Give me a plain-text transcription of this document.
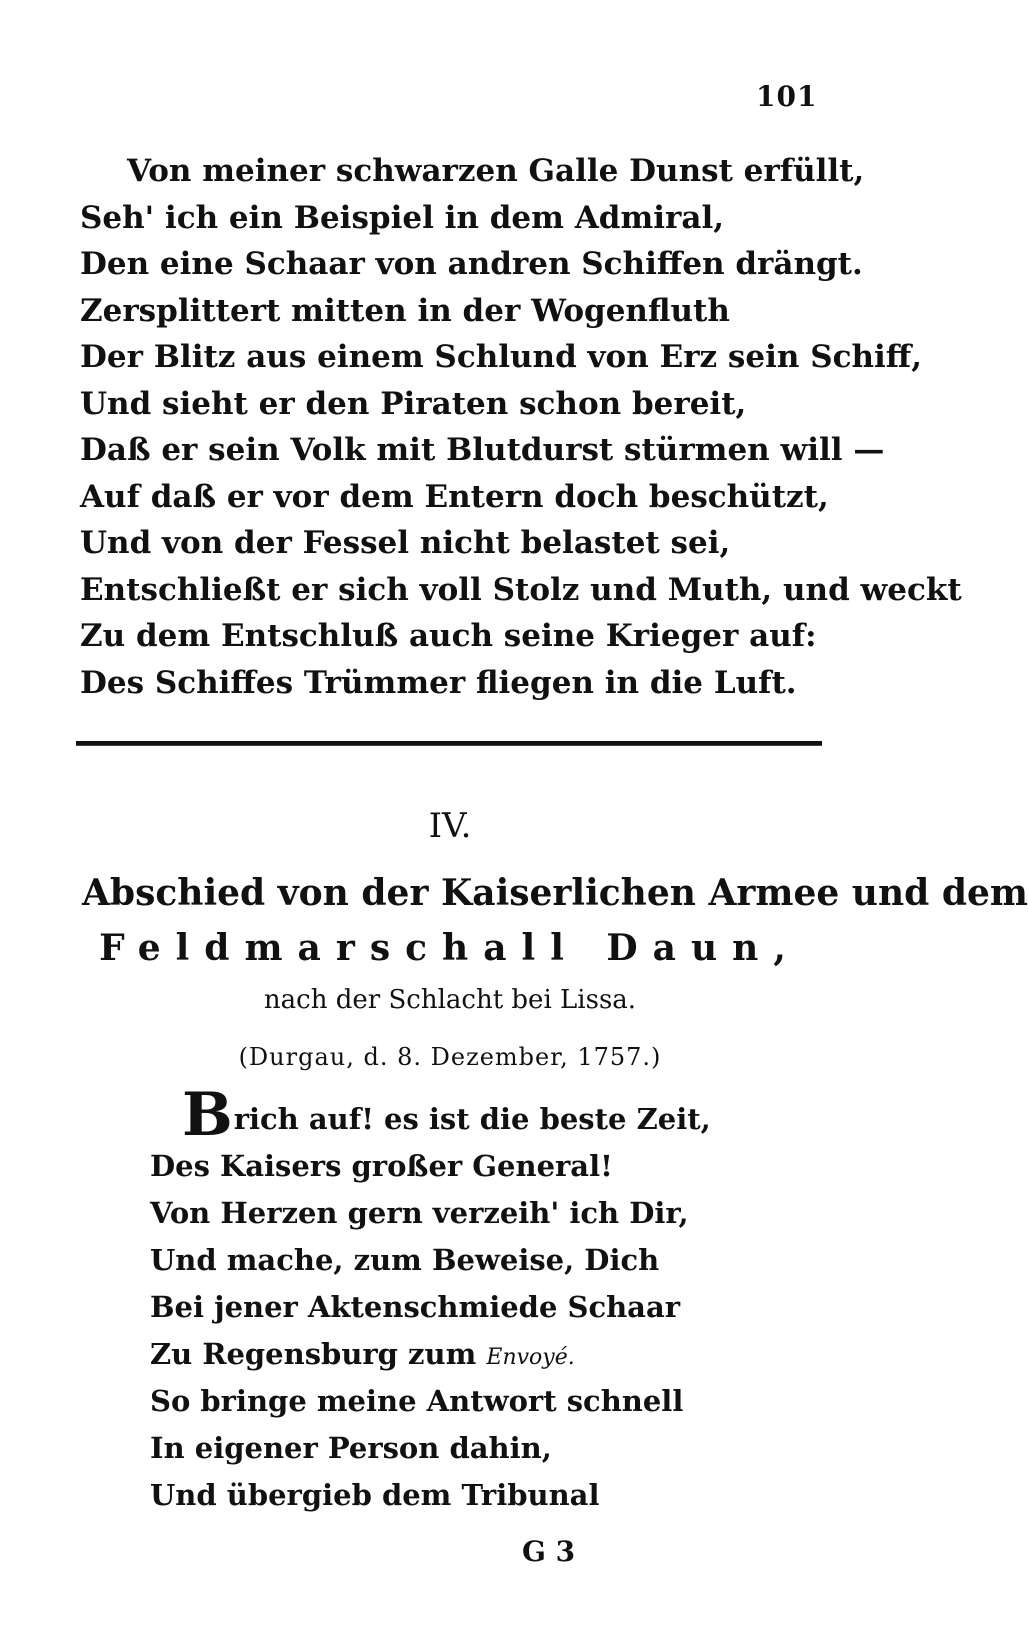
101
Von meiner schwarzen Galle Dunst erfüllt,
Seh' ich ein Beispiel in dem Admiral,
Den eine Schaar von andren Schiffen drängt.
Zersplittert mitten in der Wogenfluth
Der Blitz aus einem Schlund von Erz sein Schiff,
Und sieht er den Piraten schon bereit,
Daß er sein Volk mit Blutdurst stürmen will —
Auf daß er vor dem Entern doch beschützt,
Und von der Fessel nicht belastet sei,
Entschließt er sich voll Stolz und Muth, und weckt
Zu dem Entschluß auch seine Krieger auf:
Des Schiffes Trümmer fliegen in die Luft.
IV.
Abschied von der Kaiserlichen Armee und dem
Feldmarschall Daun,
nach der Schlacht bei Lissa.
(Durgau, d. 8. Dezember, 1757.)
Brich auf! es ist die beste Zeit,
Des Kaisers großer General!
Von Herzen gern verzeih' ich Dir,
Und mache, zum Beweise, Dich
Bei jener Aktenschmiede Schaar
Zu Regensburg zum Envoyé.
So bringe meine Antwort schnell
In eigener Person dahin,
Und übergieb dem Tribunal
G 3
